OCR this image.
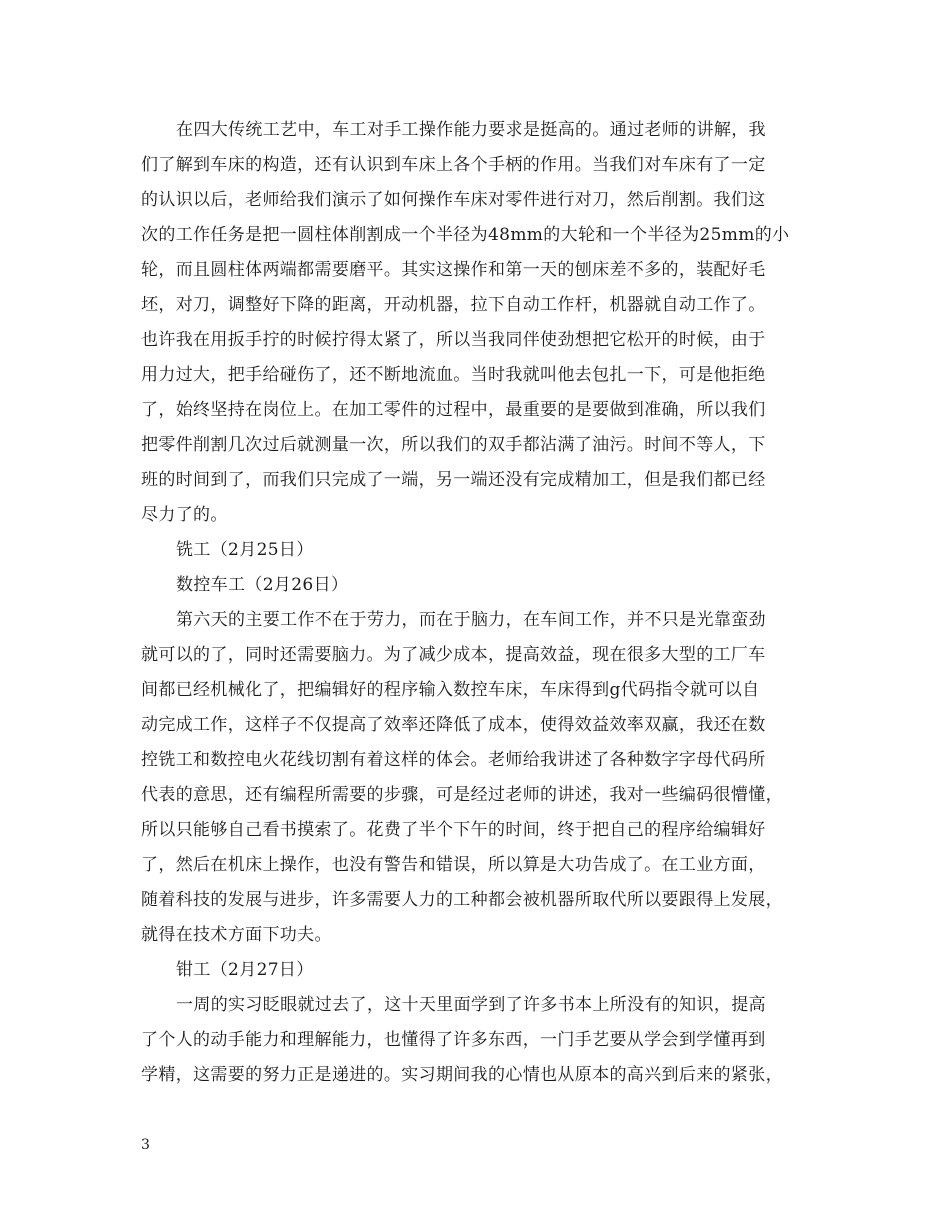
在四大传统工艺中，车工对手工操作能力要求是挺高的。通过老师的讲解，我
们了解到车床的构造，还有认识到车床上各个手柄的作用。当我们对车床有了一定
的认识以后，老师给我们演示了如何操作车床对零件进行对刀，然后削割。我们这
次的工作任务是把一圆柱体削割成一个半径为48mm的大轮和一个半径为25mm的小
轮，而且圆柱体两端都需要磨平。其实这操作和第一天的刨床差不多的，装配好毛
坯，对刀，调整好下降的距离，开动机器，拉下自动工作杆，机器就自动工作了。
也许我在用扳手拧的时候拧得太紧了，所以当我同伴使劲想把它松开的时候，由于
用力过大，把手给碰伤了，还不断地流血。当时我就叫他去包扎一下，可是他拒绝
了，始终坚持在岗位上。在加工零件的过程中，最重要的是要做到准确，所以我们
把零件削割几次过后就测量一次，所以我们的双手都沾满了油污。时间不等人，下
班的时间到了，而我们只完成了一端，另一端还没有完成精加工，但是我们都已经
尽力了的。
铣工（2月25日）
数控车工（2月26日）
第六天的主要工作不在于劳力，而在于脑力，在车间工作，并不只是光靠蛮劲
就可以的了，同时还需要脑力。为了减少成本，提高效益，现在很多大型的工厂车
间都已经机械化了，把编辑好的程序输入数控车床，车床得到g代码指令就可以自
动完成工作，这样子不仅提高了效率还降低了成本，使得效益效率双赢，我还在数
控铣工和数控电火花线切割有着这样的体会。老师给我讲述了各种数字字母代码所
代表的意思，还有编程所需要的步骤，可是经过老师的讲述，我对一些编码很懵懂，
所以只能够自己看书摸索了。花费了半个下午的时间，终于把自己的程序给编辑好
了，然后在机床上操作，也没有警告和错误，所以算是大功告成了。在工业方面，
随着科技的发展与进步，许多需要人力的工种都会被机器所取代所以要跟得上发展，
就得在技术方面下功夫。
钳工（2月27日）
一周的实习眨眼就过去了，这十天里面学到了许多书本上所没有的知识，提高
了个人的动手能力和理解能力，也懂得了许多东西，一门手艺要从学会到学懂再到
学精，这需要的努力正是递进的。实习期间我的心情也从原本的高兴到后来的紧张，
3
